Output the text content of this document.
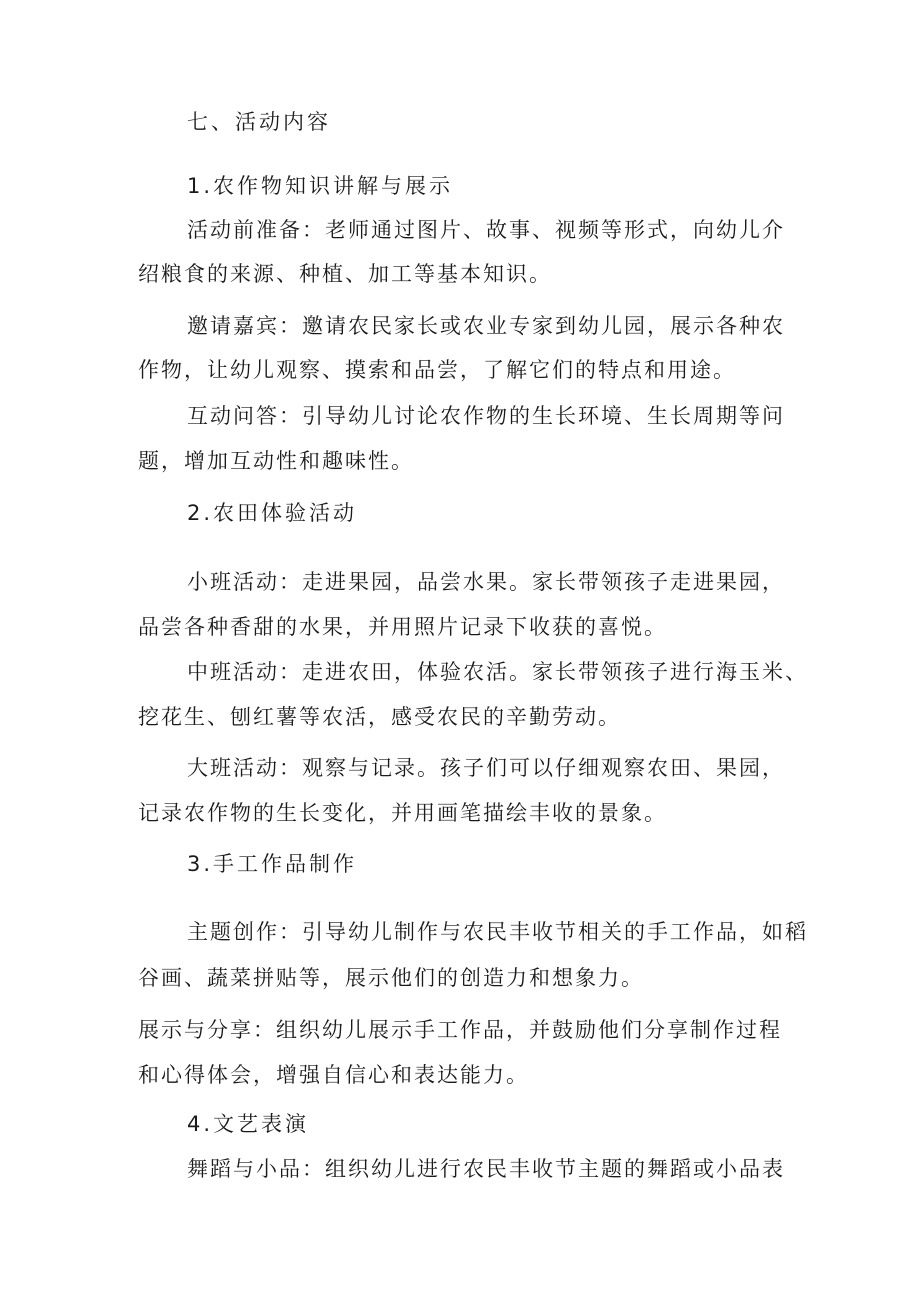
七、活动内容
1.农作物知识讲解与展示
活动前准备：老师通过图片、故事、视频等形式，向幼儿介
绍粮食的来源、种植、加工等基本知识。
邀请嘉宾：邀请农民家长或农业专家到幼儿园，展示各种农
作物，让幼儿观察、摸索和品尝，了解它们的特点和用途。
互动问答：引导幼儿讨论农作物的生长环境、生长周期等问
题，增加互动性和趣味性。
2.农田体验活动
小班活动：走进果园，品尝水果。家长带领孩子走进果园，
品尝各种香甜的水果，并用照片记录下收获的喜悦。
中班活动：走进农田，体验农活。家长带领孩子进行海玉米、
挖花生、刨红薯等农活，感受农民的辛勤劳动。
大班活动：观察与记录。孩子们可以仔细观察农田、果园，
记录农作物的生长变化，并用画笔描绘丰收的景象。
3.手工作品制作
主题创作：引导幼儿制作与农民丰收节相关的手工作品，如稻
谷画、蔬菜拼贴等，展示他们的创造力和想象力。
展示与分享：组织幼儿展示手工作品，并鼓励他们分享制作过程
和心得体会，增强自信心和表达能力。
4.文艺表演
舞蹈与小品：组织幼儿进行农民丰收节主题的舞蹈或小品表
